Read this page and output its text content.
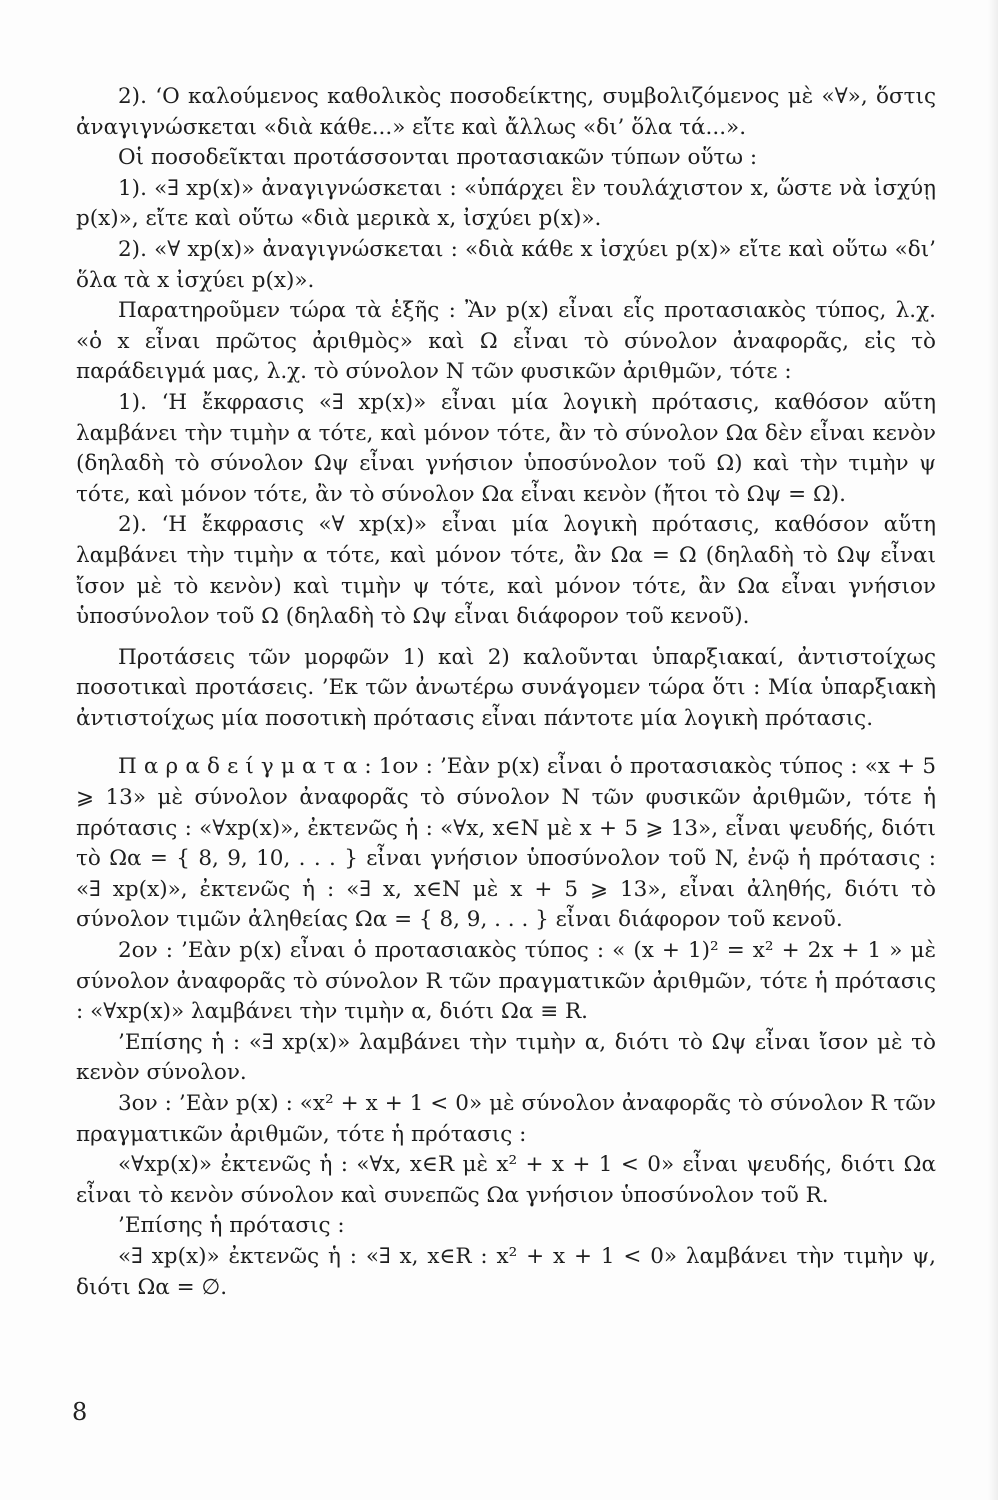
2). ‘Ο καλούμενος καθολικὸς ποσοδείκτης, συμβολιζόμενος μὲ «∀», ὅστις ἀναγιγνώσκεται «διὰ κάθε...» εἴτε καὶ ἄλλως «δι’ ὅλα τά...».

Οἱ ποσοδεῖκται προτάσσονται προτασιακῶν τύπων οὕτω :

1). «∃ xp(x)» ἀναγιγνώσκεται : «ὑπάρχει ἓν τουλάχιστον x, ὥστε νὰ ἰσχύῃ p(x)», εἴτε καὶ οὕτω «διὰ μερικὰ x, ἰσχύει p(x)».

2). «∀ xp(x)» ἀναγιγνώσκεται : «διὰ κάθε x ἰσχύει p(x)» εἴτε καὶ οὕτω «δι’ ὅλα τὰ x ἰσχύει p(x)».

Παρατηροῦμεν τώρα τὰ ἑξῆς : Ἂν p(x) εἶναι εἷς προτασιακὸς τύπος, λ.χ. «ὁ x εἶναι πρῶτος ἀριθμὸς» καὶ Ω εἶναι τὸ σύνολον ἀναφορᾶς, εἰς τὸ παράδειγμά μας, λ.χ. τὸ σύνολον N τῶν φυσικῶν ἀριθμῶν, τότε :

1). ‘Η ἔκφρασις «∃ xp(x)» εἶναι μία λογικὴ πρότασις, καθόσον αὕτη λαμβάνει τὴν τιμὴν α τότε, καὶ μόνον τότε, ἂν τὸ σύνολον Ωα δὲν εἶναι κενὸν (δηλαδὴ τὸ σύνολον Ωψ εἶναι γνήσιον ὑποσύνολον τοῦ Ω) καὶ τὴν τιμὴν ψ τότε, καὶ μόνον τότε, ἂν τὸ σύνολον Ωα εἶναι κενὸν (ἤτοι τὸ Ωψ = Ω).

2). ‘Η ἔκφρασις «∀ xp(x)» εἶναι μία λογικὴ πρότασις, καθόσον αὕτη λαμβάνει τὴν τιμὴν α τότε, καὶ μόνον τότε, ἂν Ωα = Ω (δηλαδὴ τὸ Ωψ εἶναι ἴσον μὲ τὸ κενὸν) καὶ τιμὴν ψ τότε, καὶ μόνον τότε, ἂν Ωα εἶναι γνήσιον ὑποσύνολον τοῦ Ω (δηλαδὴ τὸ Ωψ εἶναι διάφορον τοῦ κενοῦ).

Προτάσεις τῶν μορφῶν 1) καὶ 2) καλοῦνται ὑπαρξιακαί, ἀντιστοίχως ποσοτικαὶ προτάσεις. ’Εκ τῶν ἀνωτέρω συνάγομεν τώρα ὅτι : Μία ὑπαρξιακὴ ἀντιστοίχως μία ποσοτικὴ πρότασις εἶναι πάντοτε μία λογικὴ πρότασις.

Π α ρ α δ ε ί γ μ α τ α : 1ον : ’Εὰν p(x) εἶναι ὁ προτασιακὸς τύπος : «x + 5 ⩾ 13» μὲ σύνολον ἀναφορᾶς τὸ σύνολον N τῶν φυσικῶν ἀριθμῶν, τότε ἡ πρότασις : «∀xp(x)», ἐκτενῶς ἡ : «∀x, x∈N μὲ x + 5 ⩾ 13», εἶναι ψευδής, διότι τὸ Ωα = { 8, 9, 10, . . . } εἶναι γνήσιον ὑποσύνολον τοῦ N, ἐνῷ ἡ πρότασις : «∃ xp(x)», ἐκτενῶς ἡ : «∃ x, x∈N μὲ x + 5 ⩾ 13», εἶναι ἀληθής, διότι τὸ σύνολον τιμῶν ἀληθείας Ωα = { 8, 9, . . . } εἶναι διάφορον τοῦ κενοῦ.

2ον : ’Εὰν p(x) εἶναι ὁ προτασιακὸς τύπος : « (x + 1)² = x² + 2x + 1 » μὲ σύνολον ἀναφορᾶς τὸ σύνολον R τῶν πραγματικῶν ἀριθμῶν, τότε ἡ πρότασις : «∀xp(x)» λαμβάνει τὴν τιμὴν α, διότι Ωα ≡ R.

’Επίσης ἡ : «∃ xp(x)» λαμβάνει τὴν τιμὴν α, διότι τὸ Ωψ εἶναι ἴσον μὲ τὸ κενὸν σύνολον.

3ον : ’Εὰν p(x) : «x² + x + 1 < 0» μὲ σύνολον ἀναφορᾶς τὸ σύνολον R τῶν πραγματικῶν ἀριθμῶν, τότε ἡ πρότασις :

«∀xp(x)» ἐκτενῶς ἡ : «∀x, x∈R μὲ x² + x + 1 < 0» εἶναι ψευδής, διότι Ωα εἶναι τὸ κενὸν σύνολον καὶ συνεπῶς Ωα γνήσιον ὑποσύνολον τοῦ R.

’Επίσης ἡ πρότασις :

«∃ xp(x)» ἐκτενῶς ἡ : «∃ x, x∈R : x² + x + 1 < 0» λαμβάνει τὴν τιμὴν ψ, διότι Ωα = ∅.

8
